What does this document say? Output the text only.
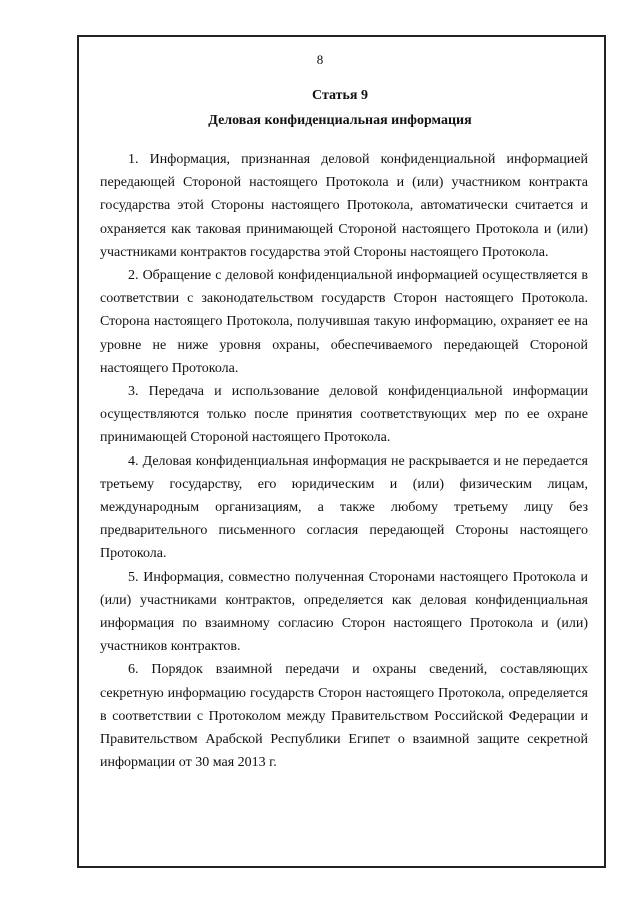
8
Статья 9
Деловая конфиденциальная информация

1. Информация, признанная деловой конфиденциальной информацией передающей Стороной настоящего Протокола и (или) участником контракта государства этой Стороны настоящего Протокола, автоматически считается и охраняется как таковая принимающей Стороной настоящего Протокола и (или) участниками контрактов государства этой Стороны настоящего Протокола.

2. Обращение с деловой конфиденциальной информацией осуществляется в соответствии с законодательством государств Сторон настоящего Протокола. Сторона настоящего Протокола, получившая такую информацию, охраняет ее на уровне не ниже уровня охраны, обеспечиваемого передающей Стороной настоящего Протокола.

3. Передача и использование деловой конфиденциальной информации осуществляются только после принятия соответствующих мер по ее охране принимающей Стороной настоящего Протокола.

4. Деловая конфиденциальная информация не раскрывается и не передается третьему государству, его юридическим и (или) физическим лицам, международным организациям, а также любому третьему лицу без предварительного письменного согласия передающей Стороны настоящего Протокола.

5. Информация, совместно полученная Сторонами настоящего Протокола и (или) участниками контрактов, определяется как деловая конфиденциальная информация по взаимному согласию Сторон настоящего Протокола и (или) участников контрактов.

6. Порядок взаимной передачи и охраны сведений, составляющих секретную информацию государств Сторон настоящего Протокола, определяется в соответствии с Протоколом между Правительством Российской Федерации и Правительством Арабской Республики Египет о взаимной защите секретной информации от 30 мая 2013 г.
